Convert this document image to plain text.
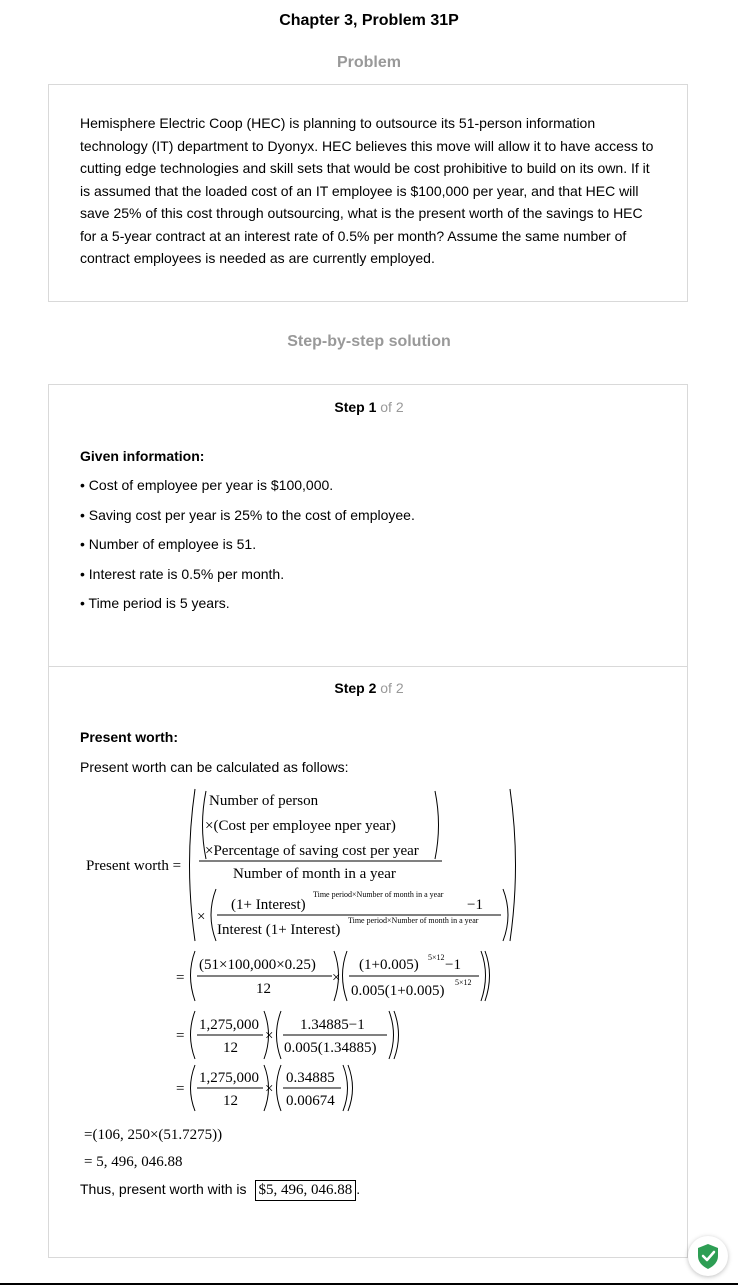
Chapter 3, Problem 31P
Problem
Hemisphere Electric Coop (HEC) is planning to outsource its 51-person information technology (IT) department to Dyonyx. HEC believes this move will allow it to have access to cutting edge technologies and skill sets that would be cost prohibitive to build on its own. If it is assumed that the loaded cost of an IT employee is $100,000 per year, and that HEC will save 25% of this cost through outsourcing, what is the present worth of the savings to HEC for a 5-year contract at an interest rate of 0.5% per month? Assume the same number of contract employees is needed as are currently employed.
Step-by-step solution
Step 1 of 2
Given information:
• Cost of employee per year is $100,000.
• Saving cost per year is 25% to the cost of employee.
• Number of employee is 51.
• Interest rate is 0.5% per month.
• Time period is 5 years.
Step 2 of 2
Present worth:
Present worth can be calculated as follows:
Present worth =
Number of person
×(Cost per employee nper year)
×Percentage of saving cost per year
Number of month in a year
×
(1+ Interest)
Time period×Number of month in a year
−1
Interest (1+ Interest)
Time period×Number of month in a year
=
(51×100,000×0.25)
12
×
(1+0.005) 5×12 −1
0.005(1+0.005)
5×12
=
1,275,000
12
×
1.34885−1
0.005(1.34885)
=
1,275,000
12
×
0.34885
0.00674
=(106, 250×(51.7275))
= 5, 496, 046.88
Thus, present worth with is $5, 496, 046.88 .
